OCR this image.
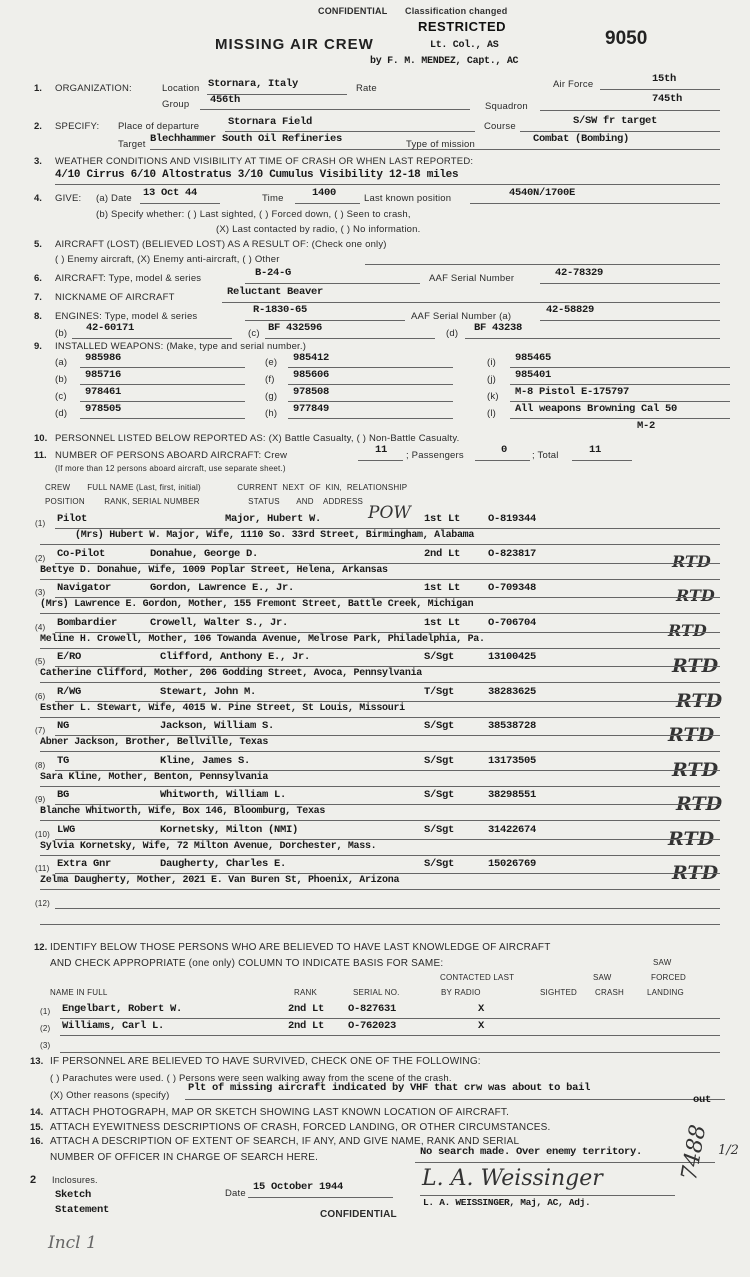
CONFIDENTIAL Classification changed
RESTRICTED
MISSING AIR CREW	Lt. Col., AS
by F. M. MENDEZ, Capt., AC
9050
1. ORGANIZATION:	Location Stornara, Italy	Rate	Air Force	15th
Group 456th
Squadron
745th
2. SPECIFY: Place of departure	Stornara Field	Course	S/SW fr target
Target Blechhammer South Oil Refineries	Type of mission	Combat (Bombing)
3. WEATHER CONDITIONS AND VISIBILITY AT TIME OF CRASH OR WHEN LAST REPORTED:
4/10 Cirrus 6/10 Altostratus 3/10 Cumulus Visibility 12-18 miles
4. GIVE: (a) Date 13 Oct 44	Time	1400	Last known position	4540N/1700E
(b) Specify whether: ( ) Last sighted, ( ) Forced down, ( ) Seen to crash,
(X) Last contacted by radio, ( ) No information.
5. AIRCRAFT (LOST) (BELIEVED LOST) AS A RESULT OF: (Check one only)
( ) Enemy aircraft, (X) Enemy anti-aircraft, ( ) Other
6. AIRCRAFT: Type, model & series	B-24-G	AAF Serial Number	42-78329
7. NICKNAME OF AIRCRAFT	Reluctant Beaver
8. ENGINES: Type, model & series
R-1830-65
AAF Serial Number (a)
42-58829
(b) 42-60171	(c) BF 432596	(d) BF 43238
9. INSTALLED WEAPONS: (Make, type and serial number.)
(a) 985986
(b) 985716
(c) 978461
(d) 978505
(e) 985412
(f) 985606
(g) 978508
(h) 977849
(i) 985465
(j) 985401
(k) M-8 Pistol E-175797
(l) All weapons Browning Cal 50
M-2
10. PERSONNEL LISTED BELOW REPORTED AS: (X) Battle Casualty, ( ) Non-Battle Casualty.
11. NUMBER OF PERSONS ABOARD AIRCRAFT: Crew	11 ; Passengers	0	; Total	11
(If more than 12 persons aboard aircraft, use separate sheet.)
CREW       FULL NAME (Last, first, initial)               CURRENT  NEXT  OF  KIN,  RELATIONSHIP
POSITION        RANK, SERIAL NUMBER                    STATUS       AND    ADDRESS
(1) Pilot	Major, Hubert W.	1st Lt	O-819344
(Mrs) Hubert W. Major, Wife, 1110 So. 33rd Street, Birmingham, Alabama
POW
(2) Co-Pilot	Donahue, George D.	2nd Lt	O-823817
Bettye D. Donahue, Wife, 1009 Poplar Street, Helena, Arkansas	RTD
(3) Navigator	Gordon, Lawrence E., Jr.	1st Lt	O-709348
(Mrs) Lawrence E. Gordon, Mother, 155 Fremont Street, Battle Creek, Michigan	RTD
(4) Bombardier	Crowell, Walter S., Jr.	1st Lt	O-706704
Meline H. Crowell, Mother, 106 Towanda Avenue, Melrose Park, Philadelphia, Pa.	RTD
(5) E/RO	Clifford, Anthony E., Jr.	S/Sgt	13100425
Catherine Clifford, Mother, 206 Godding Street, Avoca, Pennsylvania	RTD
(6) R/WG	Stewart, John M.	T/Sgt	38283625
Esther L. Stewart, Wife, 4015 W. Pine Street, St Louis, Missouri	RTD
(7) NG	Jackson, William S.	S/Sgt	38538728
Abner Jackson, Brother, Bellville, Texas	RTD
(8) TG	Kline, James S.	S/Sgt	13173505
Sara Kline, Mother, Benton, Pennsylvania	RTD
(9) BG	Whitworth, William L.	S/Sgt	38298551
Blanche Whitworth, Wife, Box 146, Bloomburg, Texas	RTD
(10) LWG	Kornetsky, Milton (NMI)	S/Sgt	31422674
Sylvia Kornetsky, Wife, 72 Milton Avenue, Dorchester, Mass.	RTD
(11) Extra Gnr	Daugherty, Charles E.	S/Sgt	15026769
Zelma Daugherty, Mother, 2021 E. Van Buren St, Phoenix, Arizona	RTD
(12)
12. IDENTIFY BELOW THOSE PERSONS WHO ARE BELIEVED TO HAVE LAST KNOWLEDGE OF AIRCRAFT
AND CHECK APPROPRIATE (one only) COLUMN TO INDICATE BASIS FOR SAME:	SAW
CONTACTED LAST	SAW	FORCED
NAME IN FULL	RANK	SERIAL NO.	BY RADIO	SIGHTED CRASH	LANDING
(1) Engelbart, Robert W.	2nd Lt O-827631	X
(2) Williams, Carl L.	2nd Lt O-762023	X
(3)
13. IF PERSONNEL ARE BELIEVED TO HAVE SURVIVED, CHECK ONE OF THE FOLLOWING:
( ) Parachutes were used. ( ) Persons were seen walking away from the scene of the crash.
(X) Other reasons (specify)
Plt of missing aircraft indicated by VHF that crw was about to bail
out
14. ATTACH PHOTOGRAPH, MAP OR SKETCH SHOWING LAST KNOWN LOCATION OF AIRCRAFT.
15. ATTACH EYEWITNESS DESCRIPTIONS OF CRASH, FORCED LANDING, OR OTHER CIRCUMSTANCES.
16. ATTACH A DESCRIPTION OF EXTENT OF SEARCH, IF ANY, AND GIVE NAME, RANK AND SERIAL
NUMBER OF OFFICER IN CHARGE OF SEARCH HERE.	No search made. Over enemy territory.
2 Inclosures.
Sketch
Statement
Date
15 October 1944	L. A. Weissinger
L. A. WEISSINGER, Maj, AC, Adj.
CONFIDENTIAL
Incl 1
7488 1/2
